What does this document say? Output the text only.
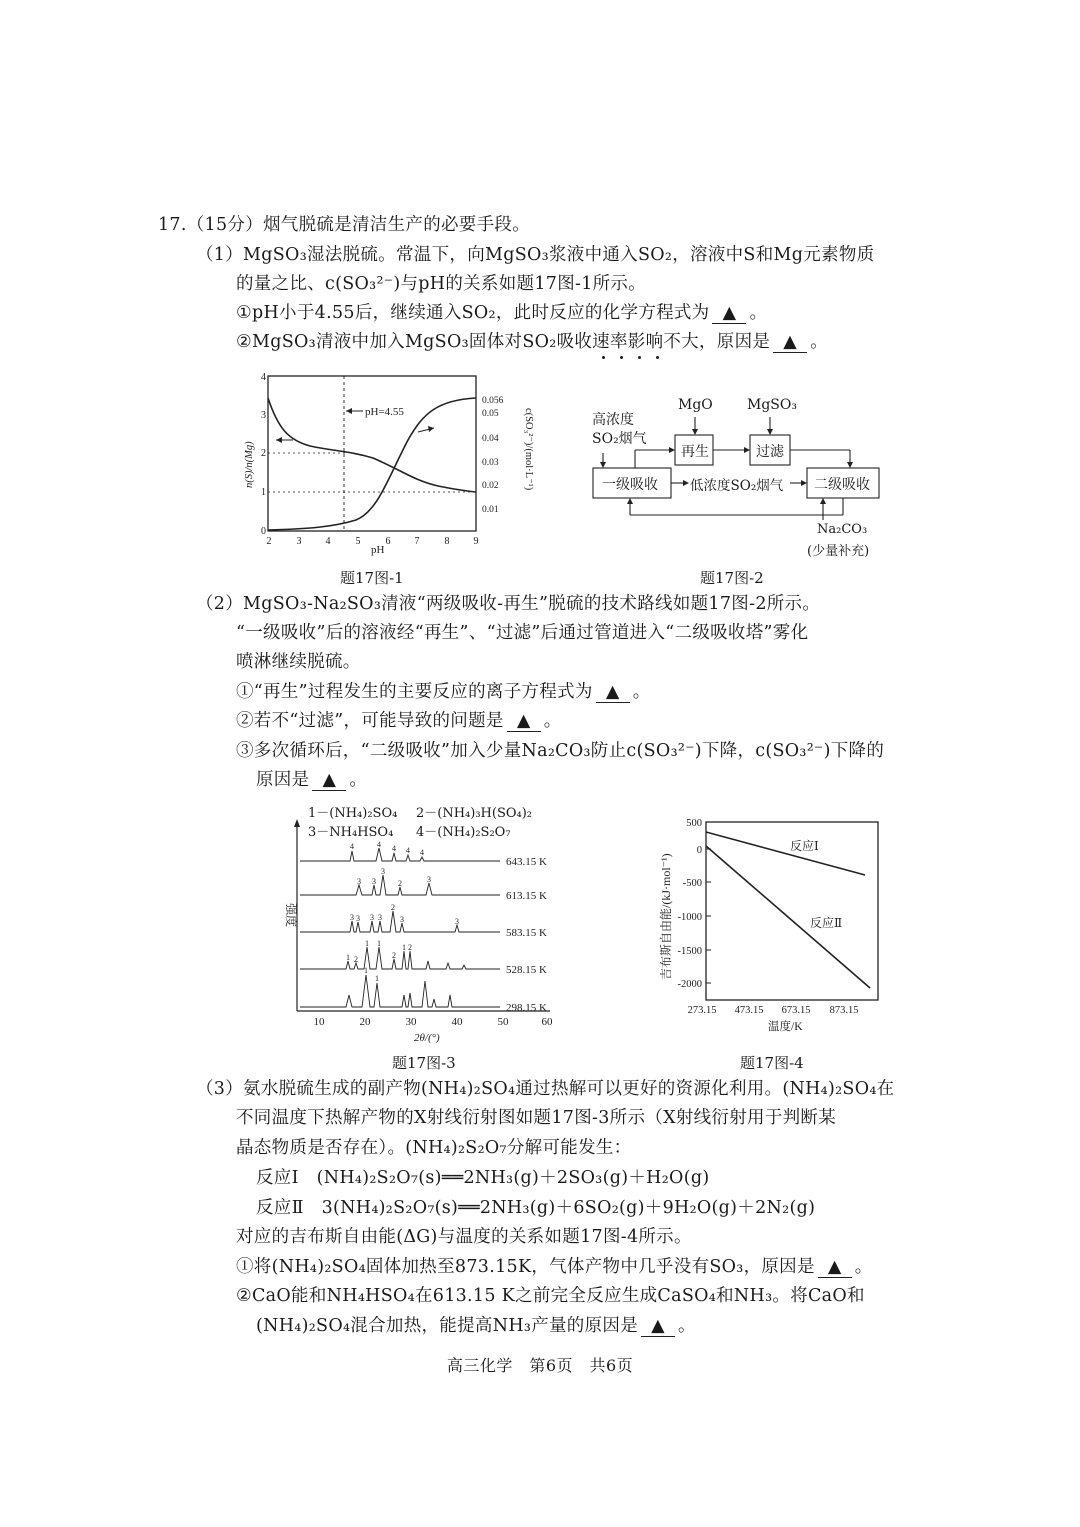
17.（15分）烟气脱硫是清洁生产的必要手段。
（1）MgSO₃湿法脱硫。常温下，向MgSO₃浆液中通入SO₂，溶液中S和Mg元素物质
的量之比、c(SO₃²⁻)与pH的关系如题17图-1所示。
①pH小于4.55后，继续通入SO₂，此时反应的化学方程式为 ▲ 。
②MgSO₃清液中加入MgSO₃固体对SO₂吸收速率影响不大，原因是 ▲ 。
pH=4.55
2	3 4	5	6 7	8 9
pH
0
1
2
3
4
0.01
0.02
0.03
0.04
0.05
0.056
n(S)/n(Mg)	c(SO₃²⁻)/(mol·L⁻¹)
题17图-1
高浓度
SO₂烟气
MgO MgSO₃
再生	过滤
一级吸收 低浓度SO₂烟气 二级吸收
Na₂CO₃
(少量补充)
题17图-2
（2）MgSO₃-Na₂SO₃清液“两级吸收-再生”脱硫的技术路线如题17图-2所示。
“一级吸收”后的溶液经“再生”、“过滤”后通过管道进入“二级吸收塔”雾化
喷淋继续脱硫。
①“再生”过程发生的主要反应的离子方程式为 ▲ 。
②若不“过滤”，可能导致的问题是 ▲ 。
③多次循环后，“二级吸收”加入少量Na₂CO₃防止c(SO₃²⁻)下降，c(SO₃²⁻)下降的
原因是 ▲ 。
1－(NH₄)₂SO₄ 2－(NH₄)₃H(SO₄)₂
3－NH₄HSO₄ 4－(NH₄)₂S₂O₇
4	4 4 4 4
3 3
3
2	3
3 3 3 3
2
3	3
1 2
1 1
2
1 2
1
1
643.15 K
613.15 K
583.15 K
528.15 K
298.15 K
10	20	30	40	50	60
2θ/(°)
强度
题17图-3
反应Ⅰ
反应Ⅱ
500
0
-500
-1000
-1500
-2000
273.15 473.15 673.15 873.15
温度/K
吉布斯自由能/(kJ·mol⁻¹)
题17图-4
（3）氨水脱硫生成的副产物(NH₄)₂SO₄通过热解可以更好的资源化利用。(NH₄)₂SO₄在
不同温度下热解产物的X射线衍射图如题17图-3所示（X射线衍射用于判断某
晶态物质是否存在）。(NH₄)₂S₂O₇分解可能发生：
反应Ⅰ　(NH₄)₂S₂O₇(s)══2NH₃(g)＋2SO₃(g)＋H₂O(g)
反应Ⅱ　3(NH₄)₂S₂O₇(s)══2NH₃(g)＋6SO₂(g)＋9H₂O(g)＋2N₂(g)
对应的吉布斯自由能(ΔG)与温度的关系如题17图-4所示。
①将(NH₄)₂SO₄固体加热至873.15K，气体产物中几乎没有SO₃，原因是 ▲ 。
②CaO能和NH₄HSO₄在613.15 K之前完全反应生成CaSO₄和NH₃。将CaO和
(NH₄)₂SO₄混合加热，能提高NH₃产量的原因是 ▲ 。
高三化学　第6页　共6页
